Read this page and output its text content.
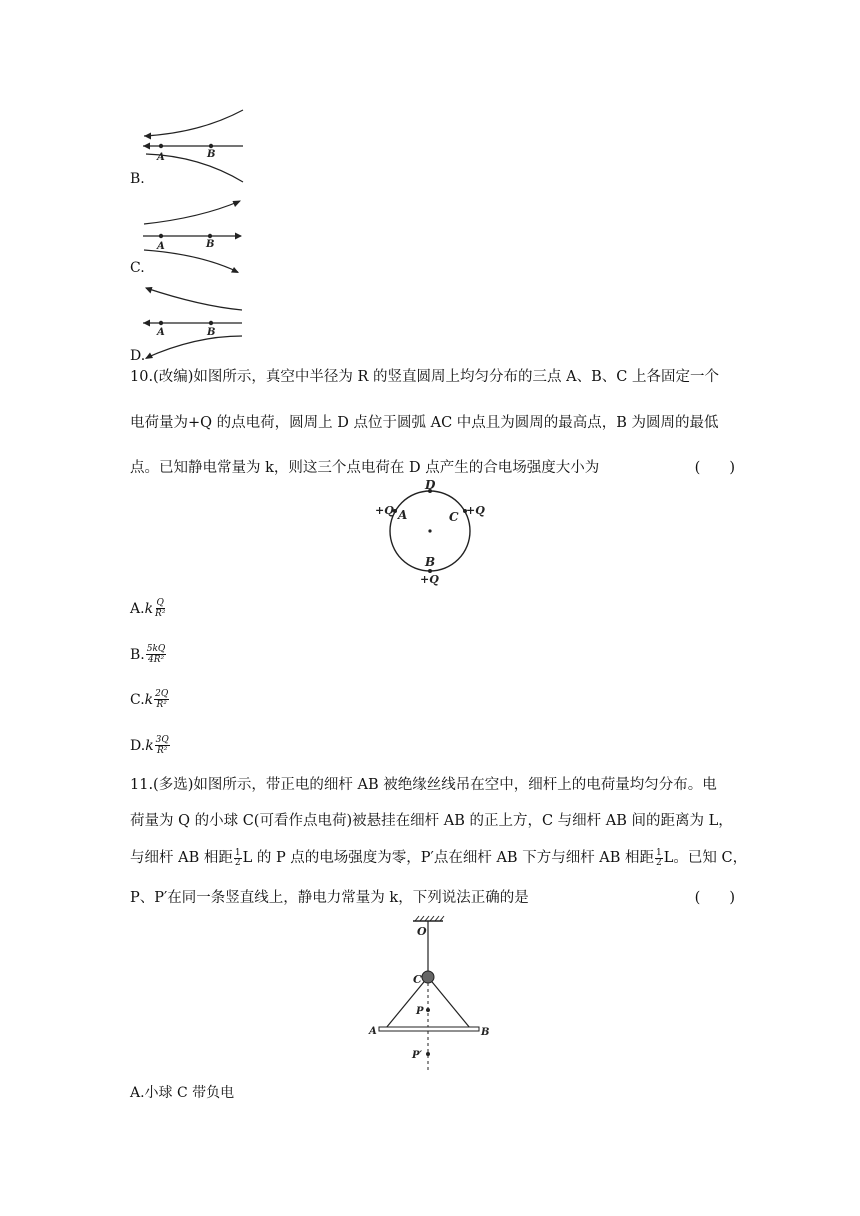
A	B
B.
A	B
C.
A	B
D.
10.(改编)如图所示，真空中半径为 R 的竖直圆周上均匀分布的三点 A、B、C 上各固定一个
电荷量为+Q 的点电荷，圆周上 D 点位于圆弧 AC 中点且为圆周的最高点，B 为圆周的最低
点。已知静电常量为 k，则这三个点电荷在 D 点产生的合电场强度大小为	(　　)
D
+Q A	C +Q
B
+Q
A. k $\frac{Q}{\text{R²}}$
B. $\frac{5kQ}{\text{4R²}}$
C. k $\frac{2Q}{\text{R²}}$
D. k $\frac{3Q}{\text{R²}}$
11.(多选)如图所示，带正电的细杆 AB 被绝缘丝线吊在空中，细杆上的电荷量均匀分布。电
荷量为 Q 的小球 C(可看作点电荷)被悬挂在细杆 AB 的正上方，C 与细杆 AB 间的距离为 L，
与细杆 AB 相距 $\frac{1}{2}$ L 的 P 点的电场强度为零，P′点在细杆 AB 下方与细杆 AB 相距 $\frac{1}{2}$ L。已知 C，
P、P′在同一条竖直线上，静电力常量为 k，下列说法正确的是	(　　)
O
C
P
A	B
P′
A.小球 C 带负电
